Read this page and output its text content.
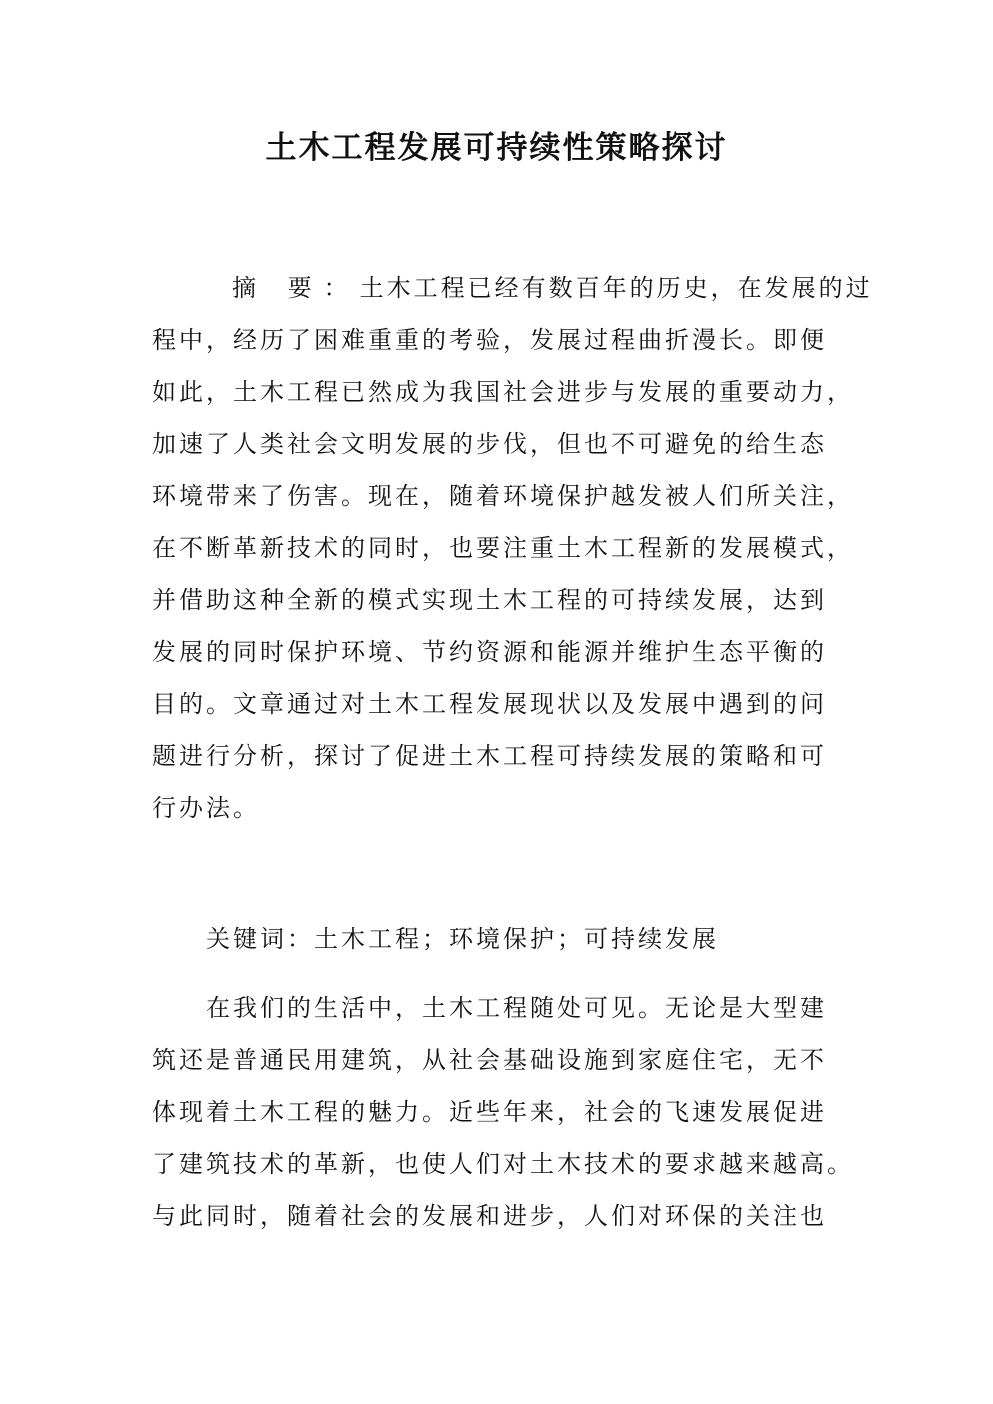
土木工程发展可持续性策略探讨
摘 要：土木工程已经有数百年的历史，在发展的过
程中，经历了困难重重的考验，发展过程曲折漫长。即便
如此，土木工程已然成为我国社会进步与发展的重要动力，
加速了人类社会文明发展的步伐，但也不可避免的给生态
环境带来了伤害。现在，随着环境保护越发被人们所关注，
在不断革新技术的同时，也要注重土木工程新的发展模式，
并借助这种全新的模式实现土木工程的可持续发展，达到
发展的同时保护环境、节约资源和能源并维护生态平衡的
目的。文章通过对土木工程发展现状以及发展中遇到的问
题进行分析，探讨了促进土木工程可持续发展的策略和可
行办法。
关键词：土木工程；环境保护；可持续发展
在我们的生活中，土木工程随处可见。无论是大型建
筑还是普通民用建筑，从社会基础设施到家庭住宅，无不
体现着土木工程的魅力。近些年来，社会的飞速发展促进
了建筑技术的革新，也使人们对土木技术的要求越来越高。
与此同时，随着社会的发展和进步，人们对环保的关注也
